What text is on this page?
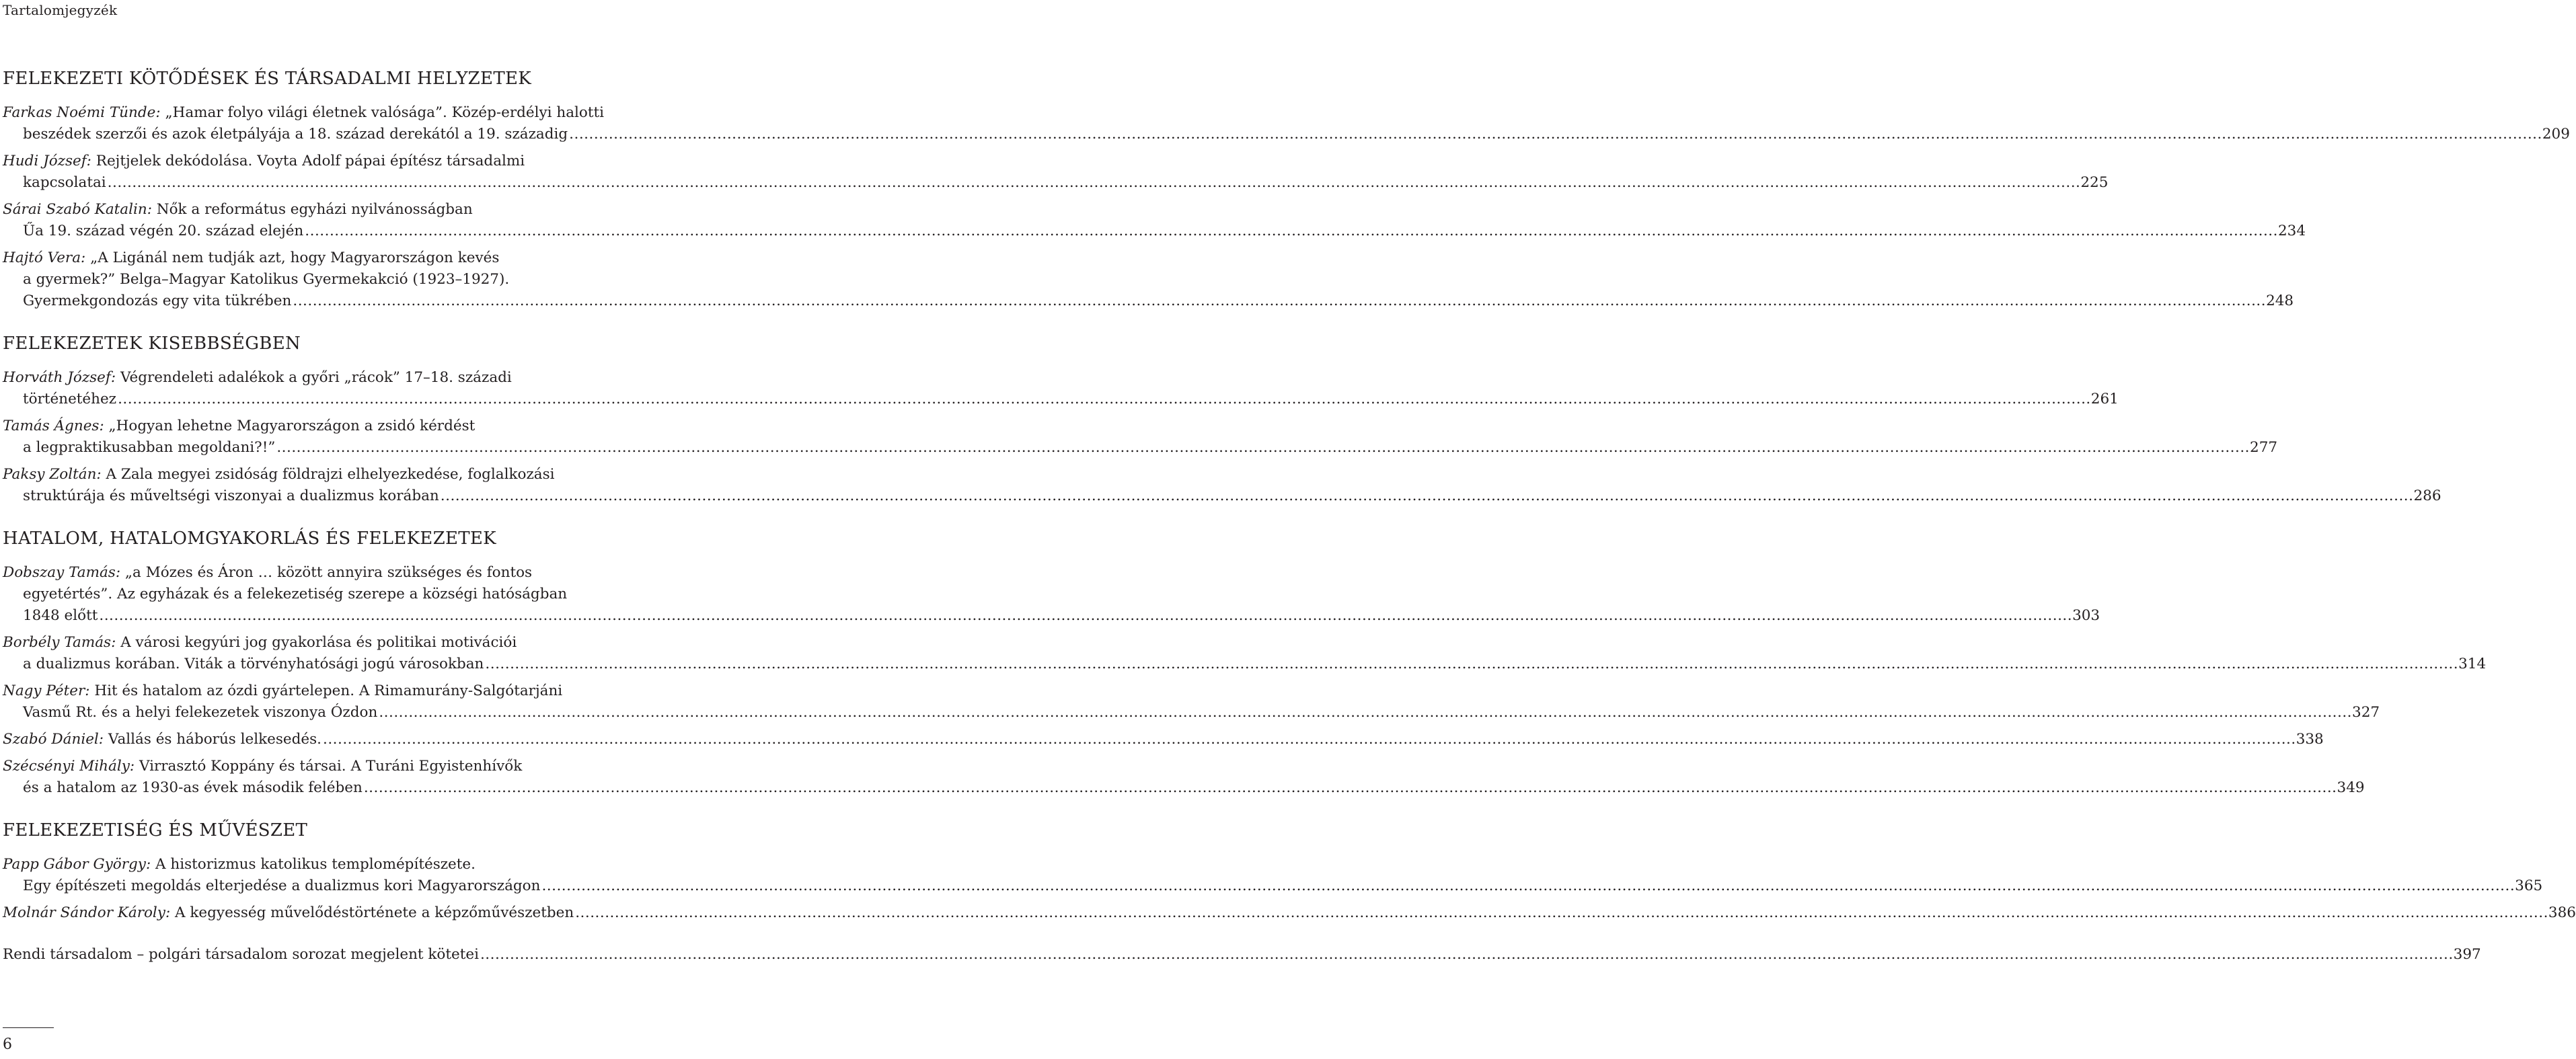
Tartalomjegyzék
FELEKEZETI KÖTŐDÉSEK ÉS TÁRSADALMI HELYZETEK
Farkas Noémi Tünde: „Hamar folyo világi életnek valósága”. Közép-erdélyi halotti
beszédek szerzői és azok életpályája a 18. század derekától a 19. századig ................................................................................................................................................................................................................................................................................................................................................................................................................ 209
Hudi József: Rejtjelek dekódolása. Voyta Adolf pápai építész társadalmi
kapcsolatai ................................................................................................................................................................................................................................................................................................................................................................................................................ 225
Sárai Szabó Katalin: Nők a református egyházi nyilvánosságban
Űa 19. század végén 20. század elején ................................................................................................................................................................................................................................................................................................................................................................................................................ 234
Hajtó Vera: „A Ligánál nem tudják azt, hogy Magyarországon kevés
a gyermek?” Belga–Magyar Katolikus Gyermekakció (1923–1927).
Gyermekgondozás egy vita tükrében ................................................................................................................................................................................................................................................................................................................................................................................................................ 248
FELEKEZETEK KISEBBSÉGBEN
Horváth József: Végrendeleti adalékok a győri „rácok” 17–18. századi
történetéhez ................................................................................................................................................................................................................................................................................................................................................................................................................ 261
Tamás Ágnes: „Hogyan lehetne Magyarországon a zsidó kérdést
a legpraktikusabban megoldani?!” ................................................................................................................................................................................................................................................................................................................................................................................................................ 277
Paksy Zoltán: A Zala megyei zsidóság földrajzi elhelyezkedése, foglalkozási
struktúrája és műveltségi viszonyai a dualizmus korában ................................................................................................................................................................................................................................................................................................................................................................................................................ 286
HATALOM, HATALOMGYAKORLÁS ÉS FELEKEZETEK
Dobszay Tamás: „a Mózes és Áron … között annyira szükséges és fontos
egyetértés”. Az egyházak és a felekezetiség szerepe a községi hatóságban
1848 előtt ................................................................................................................................................................................................................................................................................................................................................................................................................ 303
Borbély Tamás: A városi kegyúri jog gyakorlása és politikai motivációi
a dualizmus korában. Viták a törvényhatósági jogú városokban ................................................................................................................................................................................................................................................................................................................................................................................................................ 314
Nagy Péter: Hit és hatalom az ózdi gyártelepen. A Rimamurány-Salgótarjáni
Vasmű Rt. és a helyi felekezetek viszonya Ózdon ................................................................................................................................................................................................................................................................................................................................................................................................................ 327
Szabó Dániel: Vallás és háborús lelkesedés. ................................................................................................................................................................................................................................................................................................................................................................................................................ 338
Szécsényi Mihály: Virrasztó Koppány és társai. A Turáni Egyistenhívők
és a hatalom az 1930-as évek második felében ................................................................................................................................................................................................................................................................................................................................................................................................................ 349
FELEKEZETISÉG ÉS MŰVÉSZET
Papp Gábor György: A historizmus katolikus templomépítészete.
Egy építészeti megoldás elterjedése a dualizmus kori Magyarországon ................................................................................................................................................................................................................................................................................................................................................................................................................ 365
Molnár Sándor Károly: A kegyesség művelődéstörténete a képzőművészetben ................................................................................................................................................................................................................................................................................................................................................................................................................ 386
Rendi társadalom – polgári társadalom sorozat megjelent kötetei ................................................................................................................................................................................................................................................................................................................................................................................................................ 397
6
